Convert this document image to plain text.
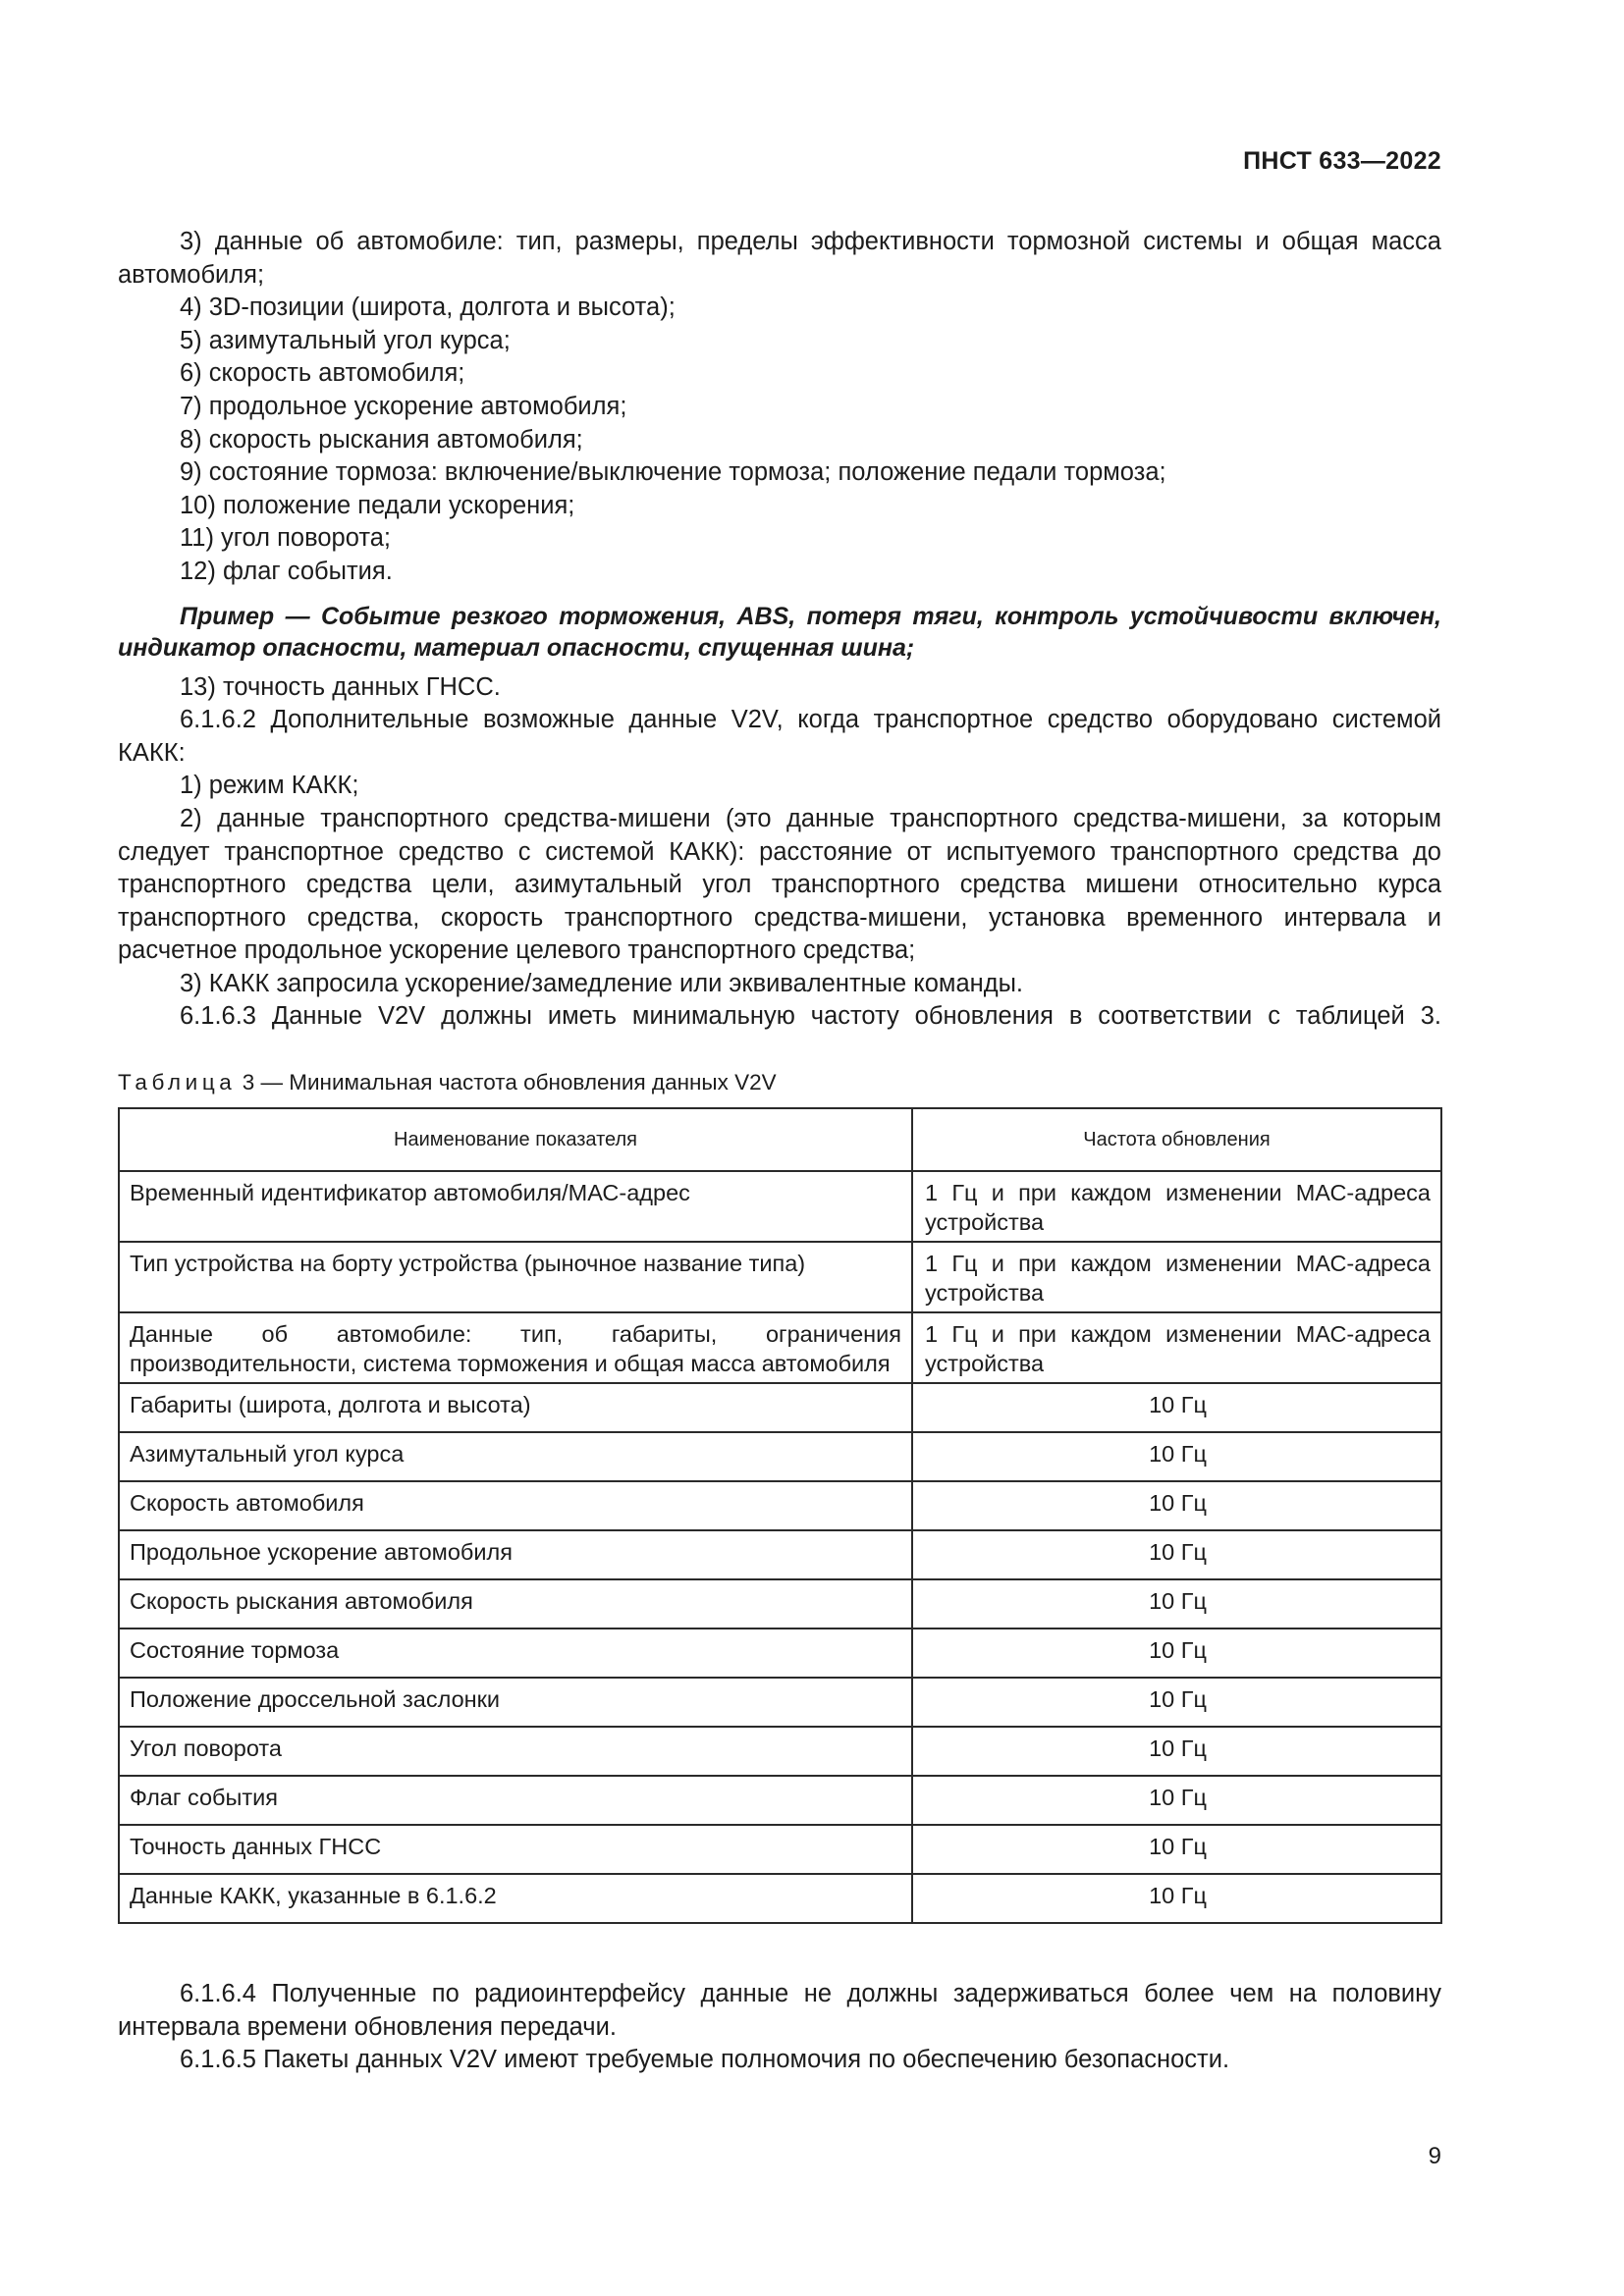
ПНСТ 633—2022

3) данные об автомобиле: тип, размеры, пределы эффективности тормозной системы и общая масса автомобиля;

4) 3D-позиции (широта, долгота и высота);

5) азимутальный угол курса;

6) скорость автомобиля;

7) продольное ускорение автомобиля;

8) скорость рыскания автомобиля;

9) состояние тормоза: включение/выключение тормоза; положение педали тормоза;

10) положение педали ускорения;

11) угол поворота;

12) флаг события.

Пример — Событие резкого торможения, ABS, потеря тяги, контроль устойчивости включен, индикатор опасности, материал опасности, спущенная шина;

13) точность данных ГНСС.

6.1.6.2 Дополнительные возможные данные V2V, когда транспортное средство оборудовано системой КАКК:

1) режим КАКК;

2) данные транспортного средства-мишени (это данные транспортного средства-мишени, за которым следует транспортное средство с системой КАКК): расстояние от испытуемого транспортного средства до транспортного средства цели, азимутальный угол транспортного средства мишени относительно курса транспортного средства, скорость транспортного средства-мишени, установка временного интервала и расчетное продольное ускорение целевого транспортного средства;

3) КАКК запросила ускорение/замедление или эквивалентные команды.

6.1.6.3 Данные V2V должны иметь минимальную частоту обновления в соответствии с таблицей 3.

Таблица 3 — Минимальная частота обновления данных V2V
Наименование показателя	Частота обновления
Временный идентификатор автомобиля/МАС-адрес	1 Гц и при каждом изменении МАС-адреса устройства
Тип устройства на борту устройства (рыночное название типа)	1 Гц и при каждом изменении МАС-адреса устройства
Данные об автомобиле: тип, габариты, ограничения производительности, система торможения и общая масса автомобиля	1 Гц и при каждом изменении МАС-адреса устройства
Габариты (широта, долгота и высота)	10 Гц
Азимутальный угол курса	10 Гц
Скорость автомобиля	10 Гц
Продольное ускорение автомобиля	10 Гц
Скорость рыскания автомобиля	10 Гц
Состояние тормоза	10 Гц
Положение дроссельной заслонки	10 Гц
Угол поворота	10 Гц
Флаг события	10 Гц
Точность данных ГНСС	10 Гц
Данные КАКК, указанные в 6.1.6.2	10 Гц

6.1.6.4 Полученные по радиоинтерфейсу данные не должны задерживаться более чем на половину интервала времени обновления передачи.

6.1.6.5 Пакеты данных V2V имеют требуемые полномочия по обеспечению безопасности.

9
